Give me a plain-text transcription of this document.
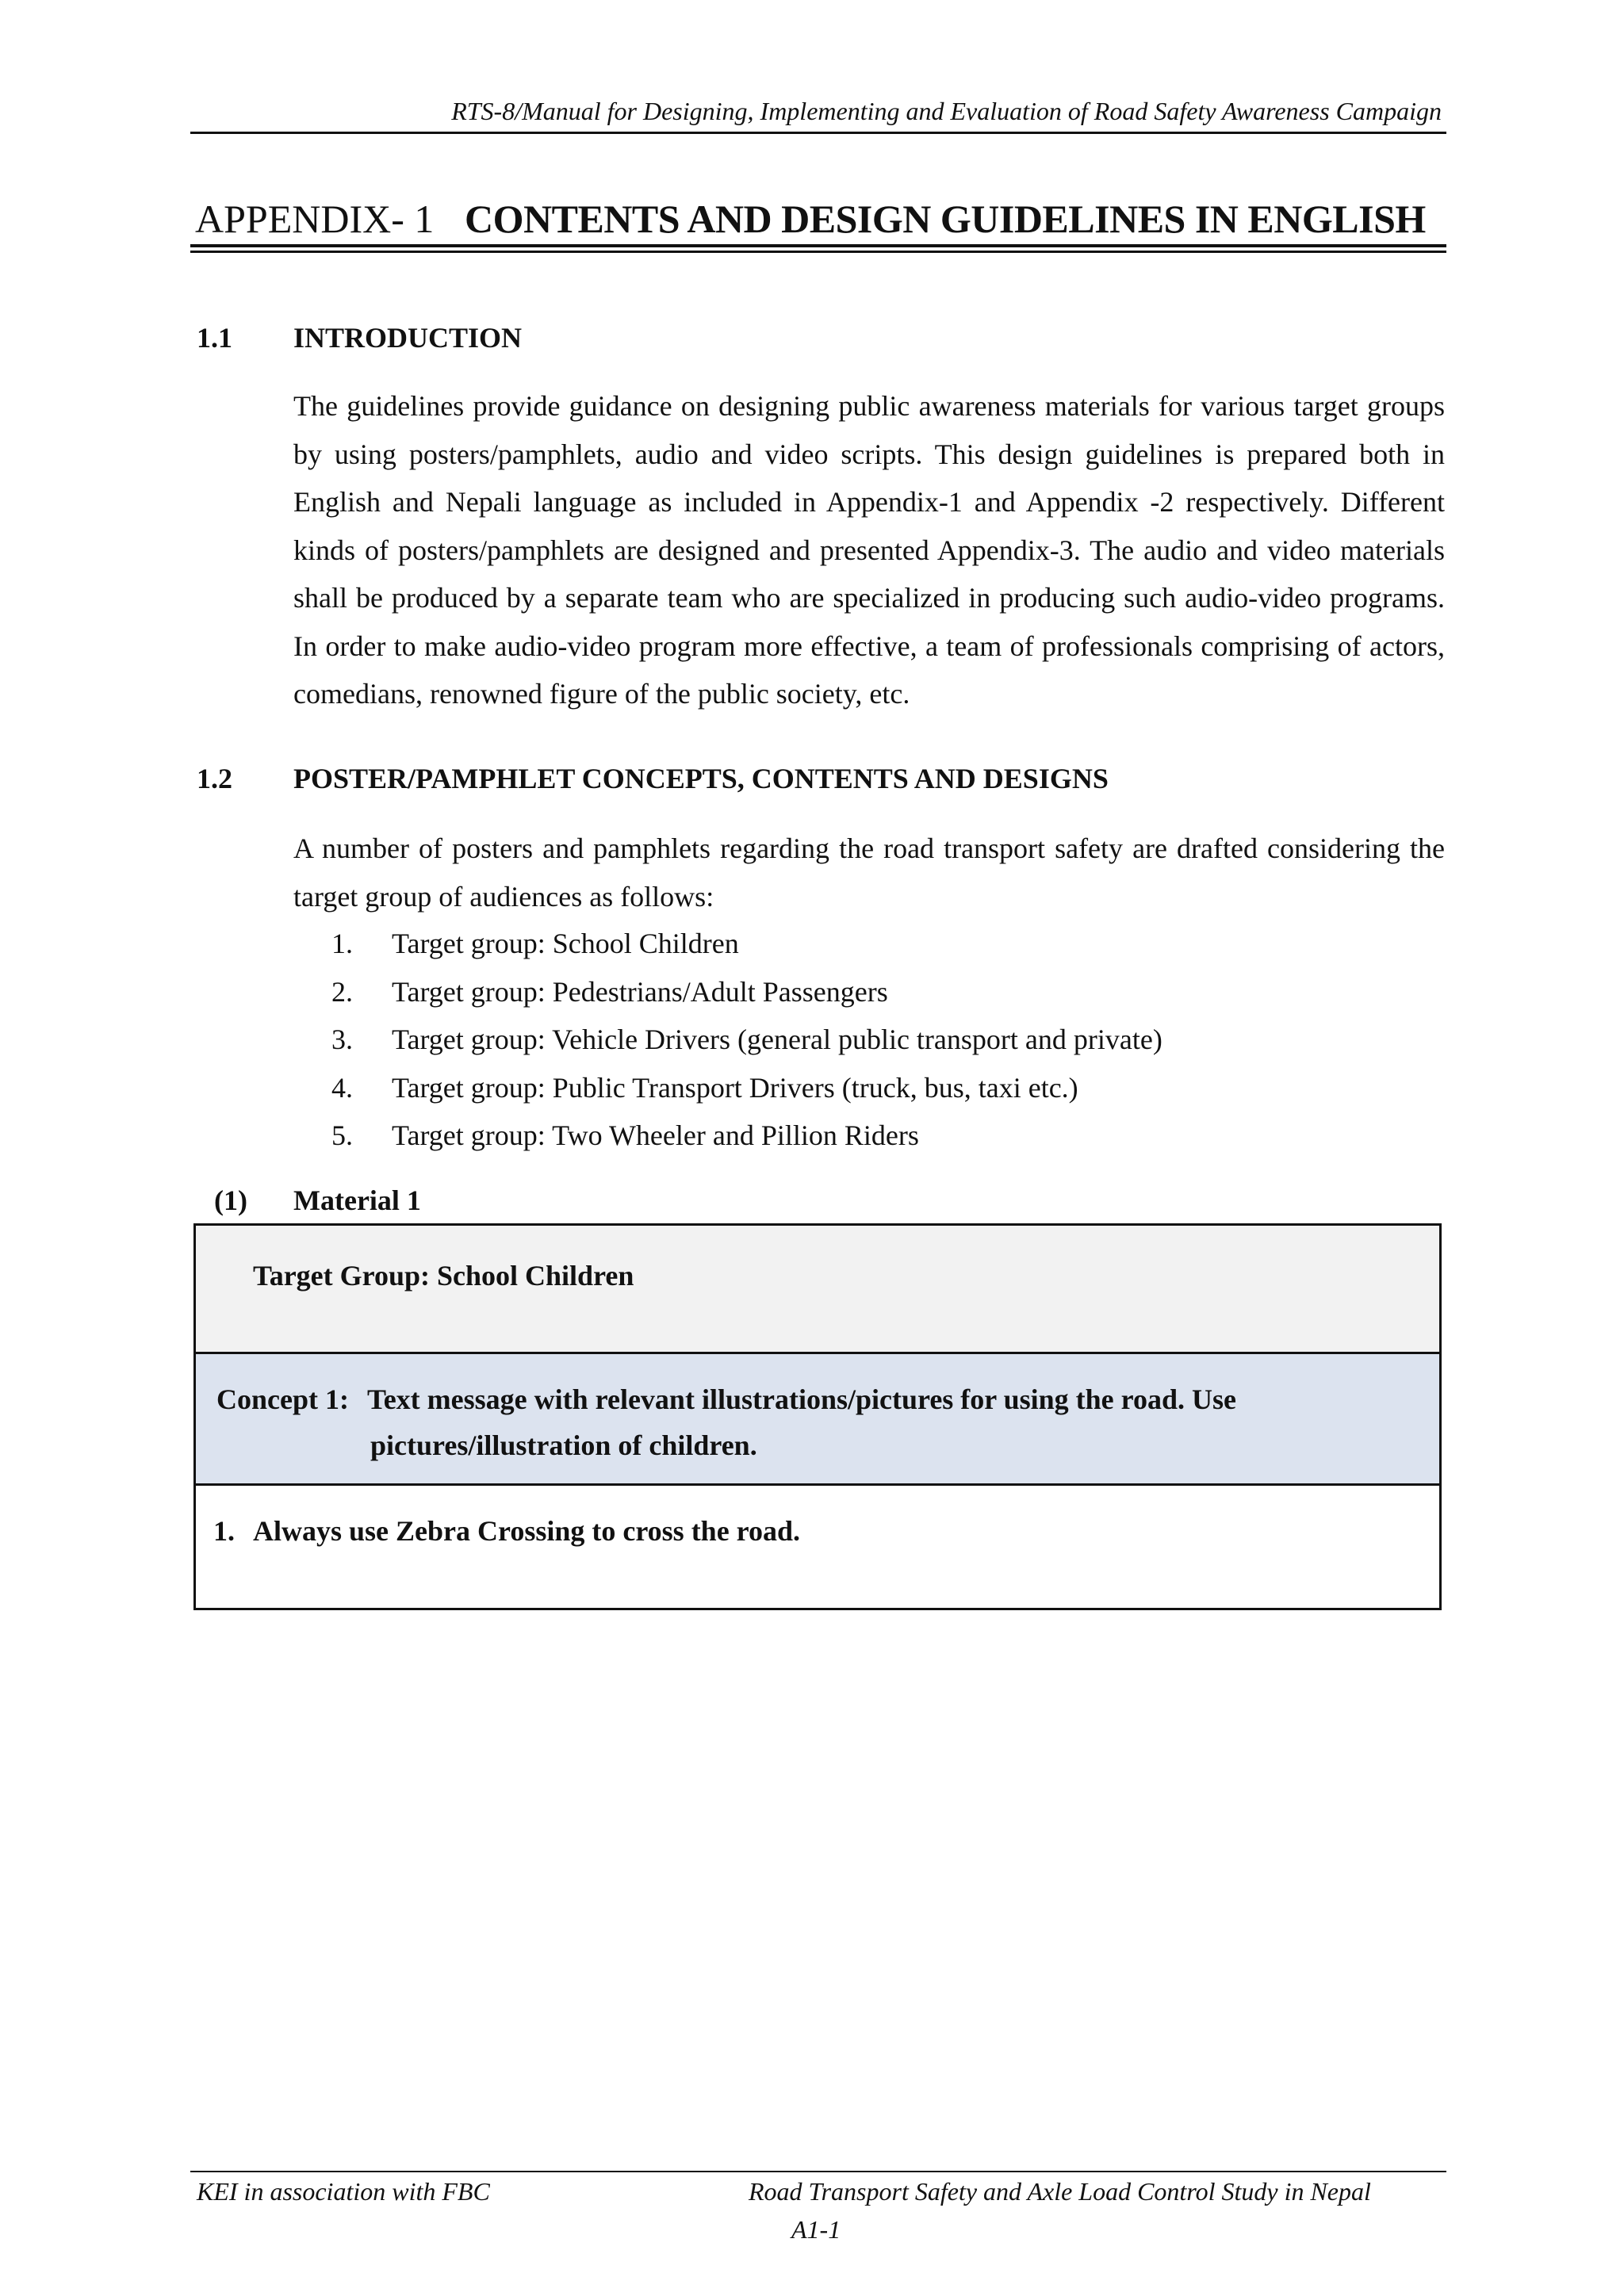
RTS-8/Manual for Designing, Implementing and Evaluation of Road Safety Awareness Campaign
APPENDIX- 1 CONTENTS AND DESIGN GUIDELINES IN ENGLISH
1.1 INTRODUCTION

The guidelines provide guidance on designing public awareness materials for various target groups by using posters/pamphlets, audio and video scripts. This design guidelines is prepared both in English and Nepali language as included in Appendix-1 and Appendix -2 respectively. Different kinds of posters/pamphlets are designed and presented Appendix-3. The audio and video materials shall be produced by a separate team who are specialized in producing such audio-video programs. In order to make audio-video program more effective, a team of professionals comprising of actors, comedians, renowned figure of the public society, etc.

1.2 POSTER/PAMPHLET CONCEPTS, CONTENTS AND DESIGNS

A number of posters and pamphlets regarding the road transport safety are drafted considering the target group of audiences as follows:

1. Target group: School Children
2. Target group: Pedestrians/Adult Passengers
3. Target group: Vehicle Drivers (general public transport and private)
4. Target group: Public Transport Drivers (truck, bus, taxi etc.)
5. Target group: Two Wheeler and Pillion Riders
(1) Material 1
Target Group: School Children
Concept 1: Text message with relevant illustrations/pictures for using the road. Use
pictures/illustration of children.
1. Always use Zebra Crossing to cross the road.
KEI in association with FBC	Road Transport Safety and Axle Load Control Study in Nepal
A1-1
